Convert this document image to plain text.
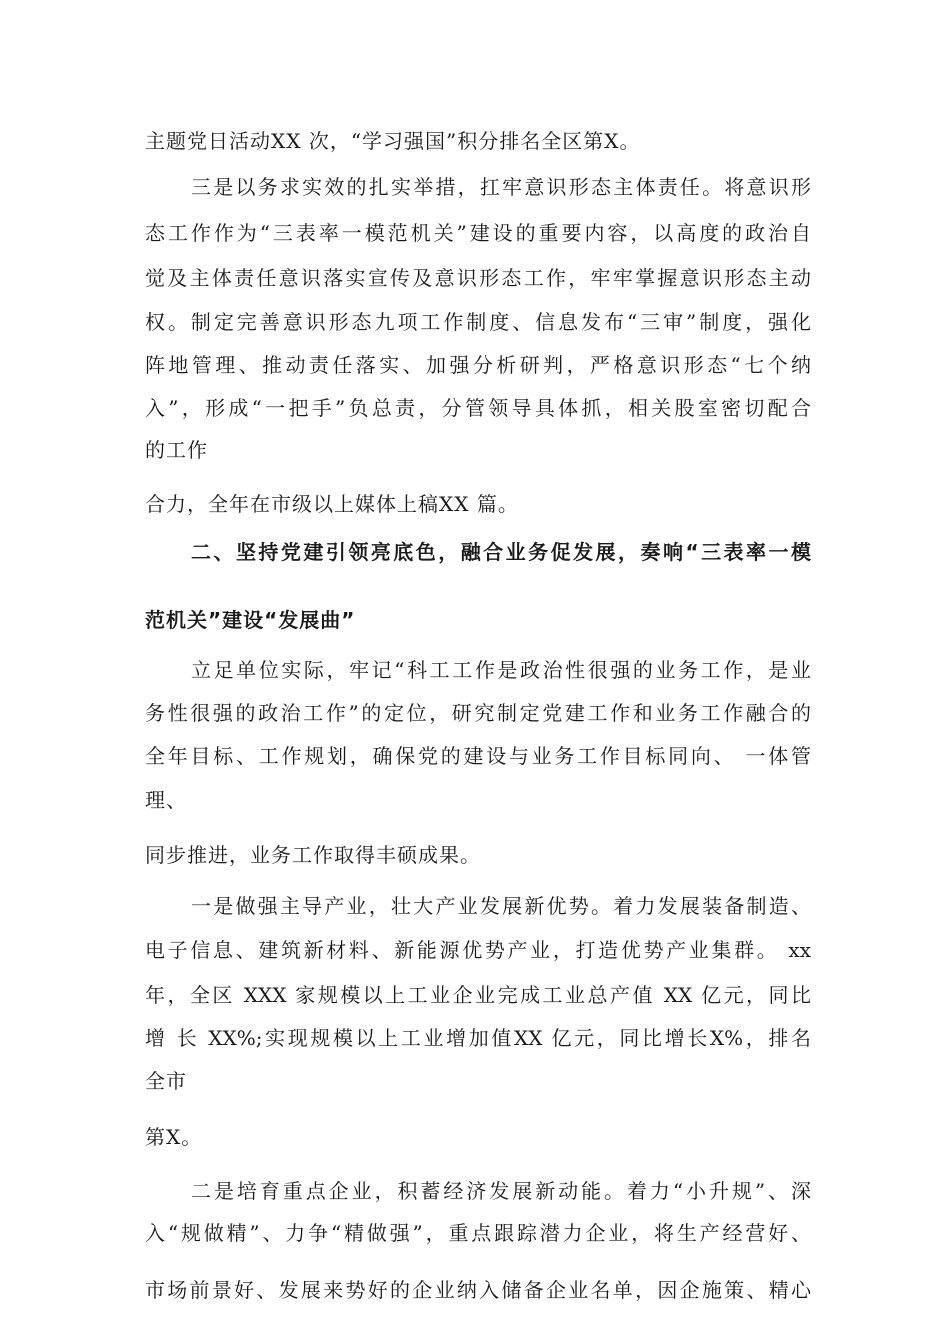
主题党日活动XX 次，“学习强国”积分排名全区第X。
三是以务求实效的扎实举措，扛牢意识形态主体责任。将意识形
态工作作为“三表率一模范机关”建设的重要内容，以高度的政治自
觉及主体责任意识落实宣传及意识形态工作，牢牢掌握意识形态主动
权。制定完善意识形态九项工作制度、信息发布“三审”制度，强化
阵地管理、推动责任落实、加强分析研判，严格意识形态“七个纳
入”，形成“一把手”负总责，分管领导具体抓，相关股室密切配合
的工作
合力，全年在市级以上媒体上稿XX 篇。
二、坚持党建引领亮底色，融合业务促发展，奏响“三表率一模
范机关”建设“发展曲”
立足单位实际，牢记“科工工作是政治性很强的业务工作，是业
务性很强的政治工作”的定位，研究制定党建工作和业务工作融合的
全年目标、工作规划，确保党的建设与业务工作目标同向、 一体管
理、
同步推进，业务工作取得丰硕成果。
一是做强主导产业，壮大产业发展新优势。着力发展装备制造、
电子信息、建筑新材料、新能源优势产业，打造优势产业集群。 xx
年，全区 XXX 家规模以上工业企业完成工业总产值 XX 亿元，同比
增 长 XX%;实现规模以上工业增加值XX 亿元，同比增长X%，排名
全市
第X。
二是培育重点企业，积蓄经济发展新动能。着力“小升规”、深
入“规做精”、力争“精做强”，重点跟踪潜力企业，将生产经营好、
市场前景好、发展来势好的企业纳入储备企业名单，因企施策、精心
